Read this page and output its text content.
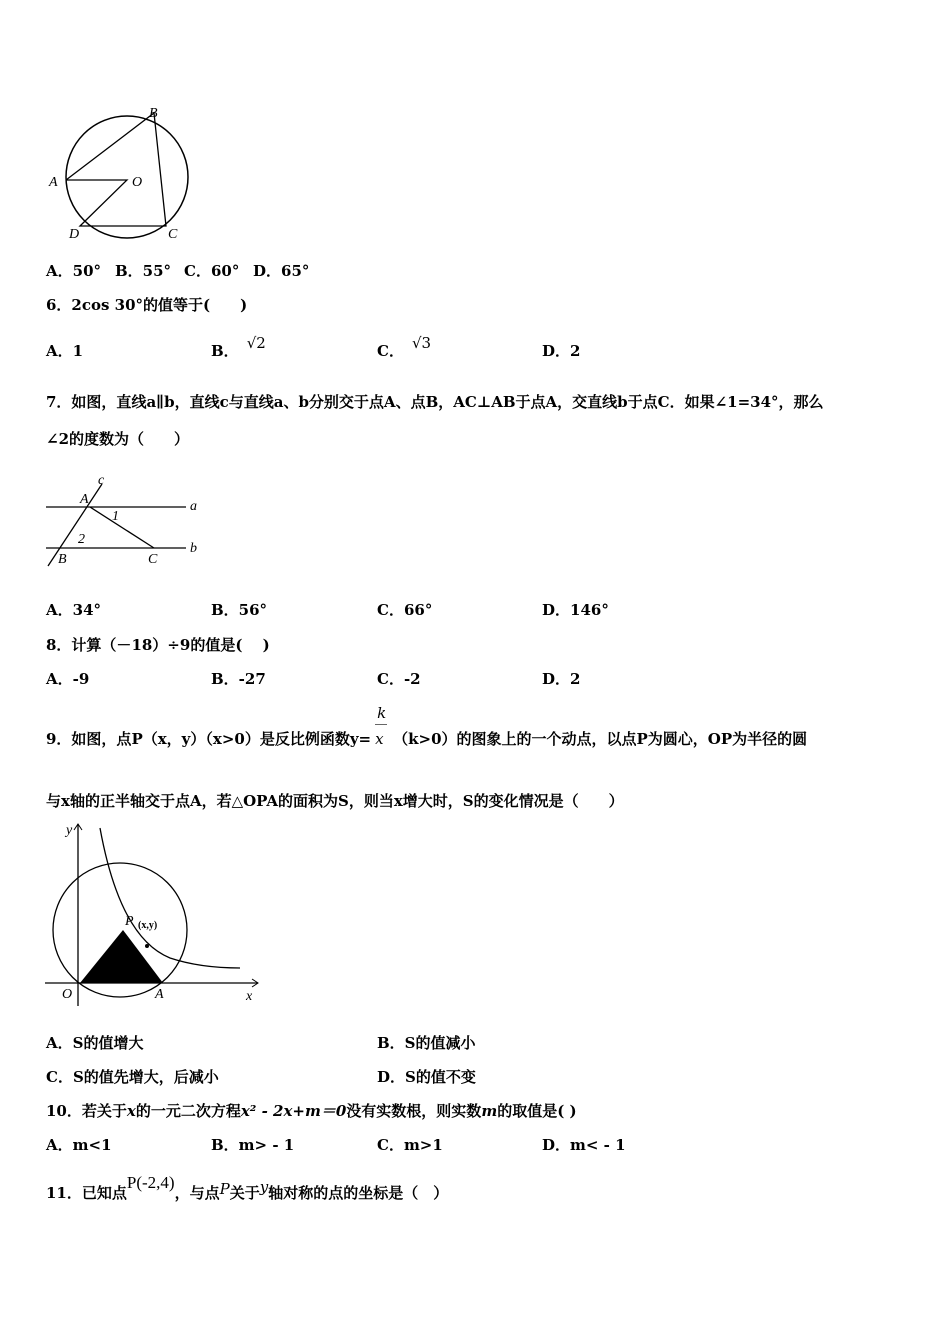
A
B
O
D	C
A．50° B．55° C．60° D．65°
6．2cos 30°的值等于(　　)
A．1	B． √2	C． √3	D．2
7．如图，直线a∥b，直线c与直线a、b分别交于点A、点B，AC⊥AB于点A，交直线b于点C．如果∠1=34°，那么
∠2的度数为（　　）
c
A	a
1
2
b
B	C
A．34°	B．56°	C．66°	D．146°
8．计算（－18）÷9的值是(　 )
A．-9	B．-27	C．-2	D．2
9．如图，点P（x，y）（x>0）是反比例函数$y= \frac{k}{x} (k>0)$的图象上的一个动点，以点P为圆心，OP为半径的圆
与x轴的正半轴交于点A，若△OPA的面积为S，则当x增大时，S的变化情况是（　　）
y
P (x,y)
O	A	x
A．S的值增大	B．S的值减小
C．S的值先增大，后减小	D．S的值不变
10．若关于x的一元二次方程x² - 2x+m＝0没有实数根，则实数m的取值是( )
A．m<1	B．m> - 1	C．m>1	D．m< - 1
11．已知点P(-2,4)，与点P关于y轴对称的点的坐标是（　）
